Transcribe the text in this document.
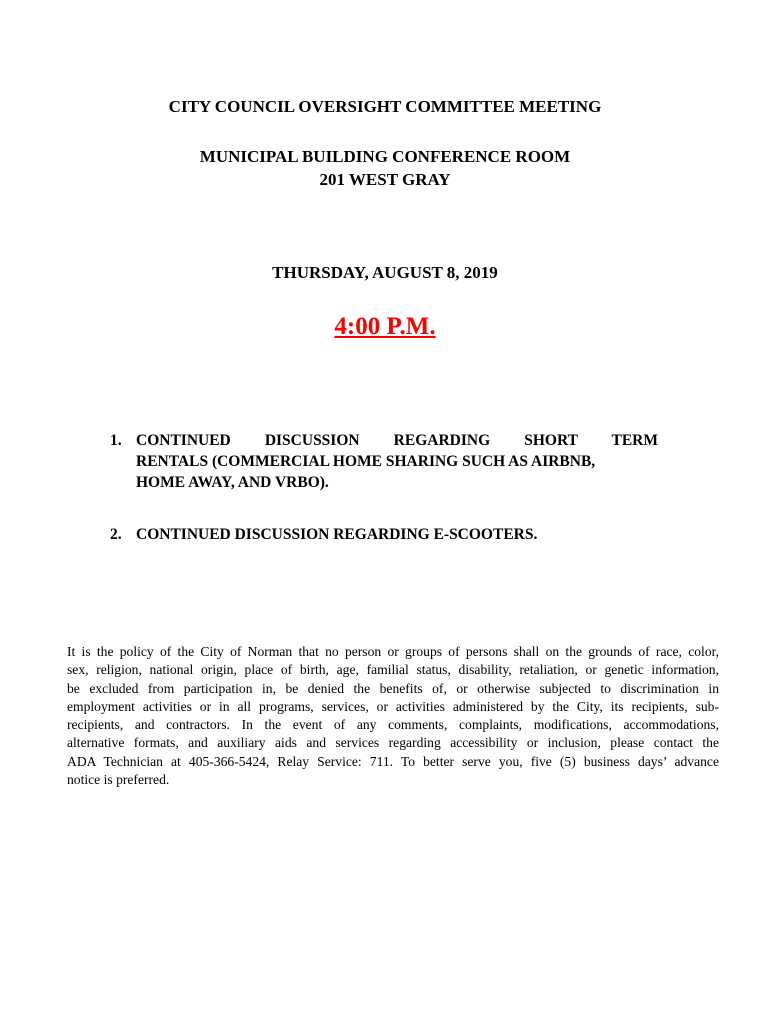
CITY COUNCIL OVERSIGHT COMMITTEE MEETING
MUNICIPAL BUILDING CONFERENCE ROOM
201 WEST GRAY
THURSDAY, AUGUST 8, 2019
4:00 P.M.
1. CONTINUED DISCUSSION REGARDING SHORT TERM
RENTALS (COMMERCIAL HOME SHARING SUCH AS AIRBNB,
HOME AWAY, AND VRBO).
2. CONTINUED DISCUSSION REGARDING E-SCOOTERS.
It is the policy of the City of Norman that no person or groups of persons shall on the grounds of race, color,
sex, religion, national origin, place of birth, age, familial status, disability, retaliation, or genetic information,
be excluded from participation in, be denied the benefits of, or otherwise subjected to discrimination in
employment activities or in all programs, services, or activities administered by the City, its recipients, sub-
recipients, and contractors. In the event of any comments, complaints, modifications, accommodations,
alternative formats, and auxiliary aids and services regarding accessibility or inclusion, please contact the
ADA Technician at 405-366-5424, Relay Service: 711. To better serve you, five (5) business days’ advance
notice is preferred.
